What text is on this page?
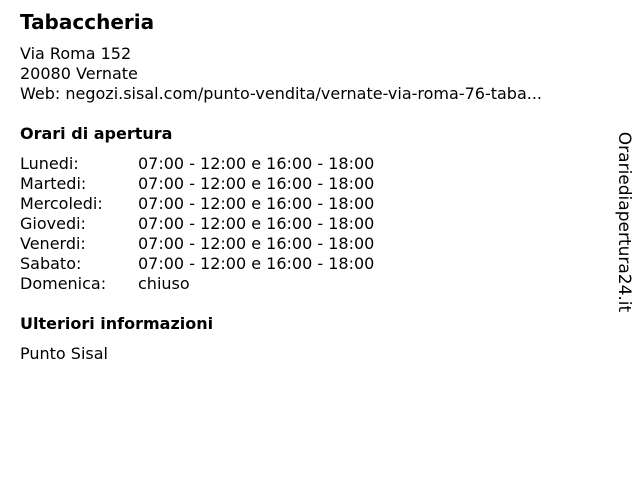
Tabaccheria
Via Roma 152
20080 Vernate
Web: negozi.sisal.com/punto-vendita/vernate-via-roma-76-taba...
Orari di apertura
Lunedi:	07:00 - 12:00 e 16:00 - 18:00
Martedi:	07:00 - 12:00 e 16:00 - 18:00
Mercoledi: 07:00 - 12:00 e 16:00 - 18:00
Giovedi:	07:00 - 12:00 e 16:00 - 18:00
Venerdi:	07:00 - 12:00 e 16:00 - 18:00
Sabato:	07:00 - 12:00 e 16:00 - 18:00
Domenica: chiuso
Ulteriori informazioni
Punto Sisal
Orariediapertura24.it
